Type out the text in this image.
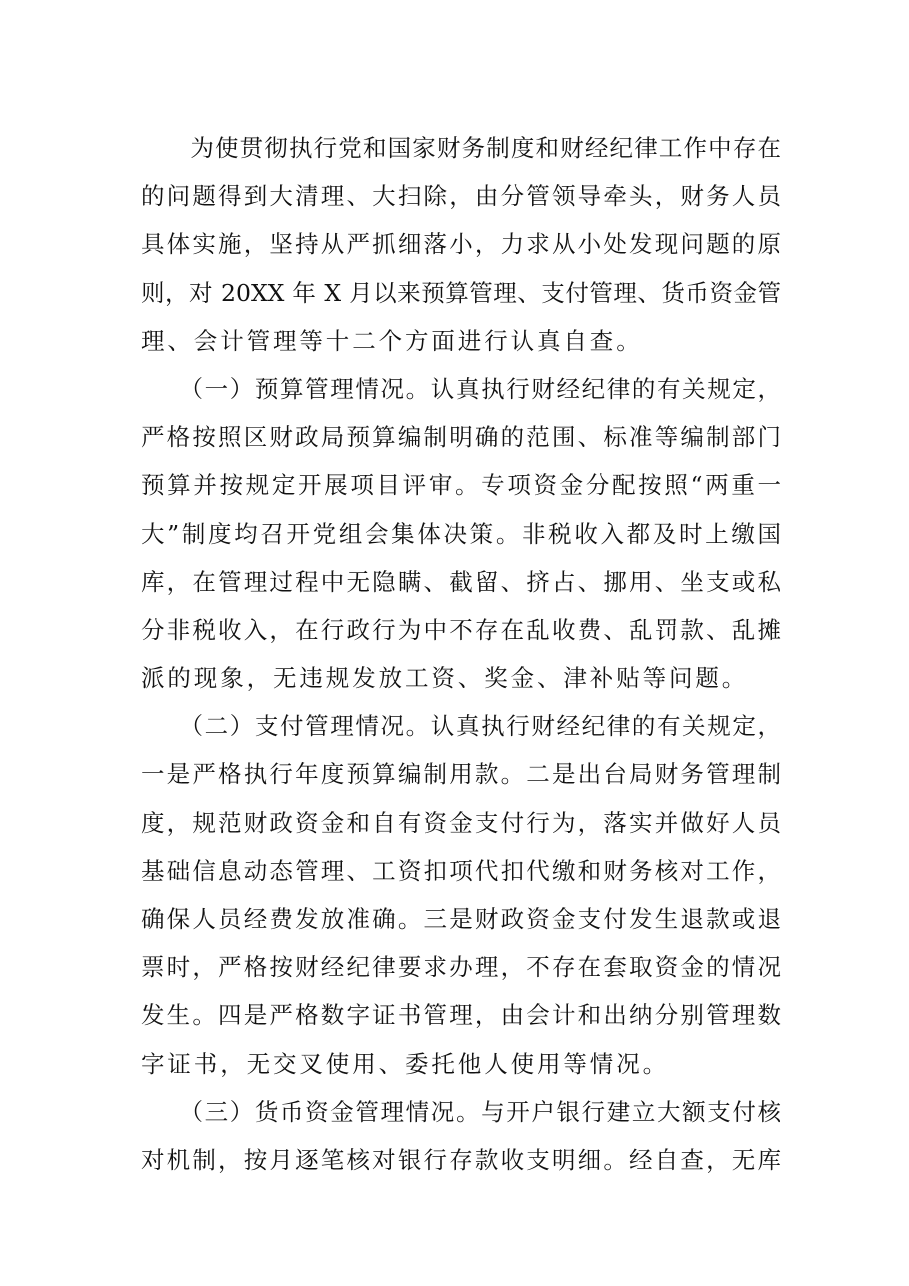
　　为使贯彻执行党和国家财务制度和财经纪律工作中存在
的问题得到大清理、大扫除，由分管领导牵头，财务人员
具体实施，坚持从严抓细落小，力求从小处发现问题的原
则，对 20XX 年 X 月以来预算管理、支付管理、货币资金管
理、会计管理等十二个方面进行认真自查。
　　（一）预算管理情况。认真执行财经纪律的有关规定，
严格按照区财政局预算编制明确的范围、标准等编制部门
预算并按规定开展项目评审。专项资金分配按照“两重一
大”制度均召开党组会集体决策。非税收入都及时上缴国
库，在管理过程中无隐瞒、截留、挤占、挪用、坐支或私
分非税收入，在行政行为中不存在乱收费、乱罚款、乱摊
派的现象，无违规发放工资、奖金、津补贴等问题。
　　（二）支付管理情况。认真执行财经纪律的有关规定，
一是严格执行年度预算编制用款。二是出台局财务管理制
度，规范财政资金和自有资金支付行为，落实并做好人员
基础信息动态管理、工资扣项代扣代缴和财务核对工作，
确保人员经费发放准确。三是财政资金支付发生退款或退
票时，严格按财经纪律要求办理，不存在套取资金的情况
发生。四是严格数字证书管理，由会计和出纳分别管理数
字证书，无交叉使用、委托他人使用等情况。
　　（三）货币资金管理情况。与开户银行建立大额支付核
对机制，按月逐笔核对银行存款收支明细。经自查，无库
